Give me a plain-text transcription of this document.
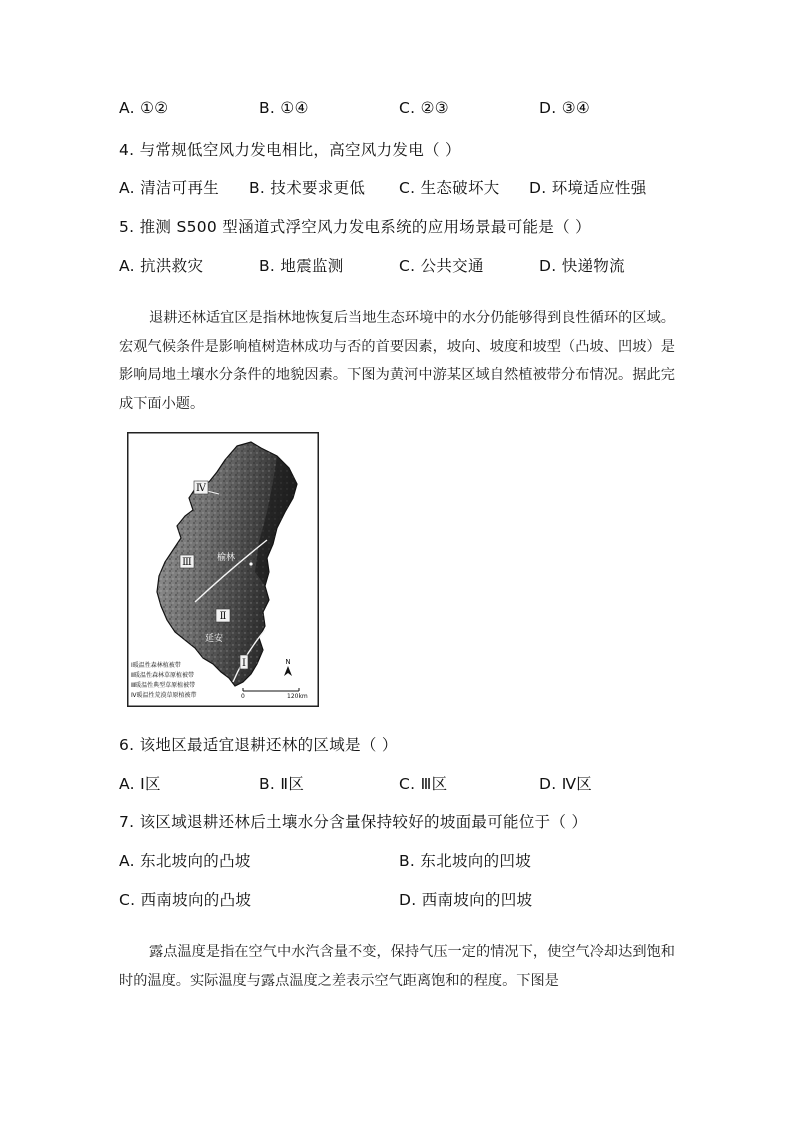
A. ①②	B. ①④	C. ②③	D. ③④
4. 与常规低空风力发电相比，高空风力发电（ ）
A. 清洁可再生 B. 技术要求更低 C. 生态破坏大 D. 环境适应性强
5. 推测 S500 型涵道式浮空风力发电系统的应用场景最可能是（ ）
A. 抗洪救灾	B. 地震监测	C. 公共交通	D. 快递物流
退耕还林适宜区是指林地恢复后当地生态环境中的水分仍能够得到良性循环的区域。宏观气候条件是影响植树造林成功与否的首要因素，坡向、坡度和坡型（凸坡、凹坡）是影响局地土壤水分条件的地貌因素。下图为黄河中游某区域自然植被带分布情况。据此完成下面小题。
Ⅳ
Ⅲ
Ⅱ
Ⅰ
榆林
延安
N
0	120km
Ⅰ暖温性森林植被带
Ⅱ暖温性森林草原植被带
Ⅲ暖温性典型草原植被带
Ⅳ暖温性荒漠草原植被带
6. 该地区最适宜退耕还林的区域是（ ）
A. Ⅰ区	B. Ⅱ区	C. Ⅲ区	D. Ⅳ区
7. 该区域退耕还林后土壤水分含量保持较好的坡面最可能位于（ ）
A. 东北坡向的凸坡	B. 东北坡向的凹坡
C. 西南坡向的凸坡	D. 西南坡向的凹坡
露点温度是指在空气中水汽含量不变，保持气压一定的情况下，使空气冷却达到饱和时的温度。实际温度与露点温度之差表示空气距离饱和的程度。下图是
